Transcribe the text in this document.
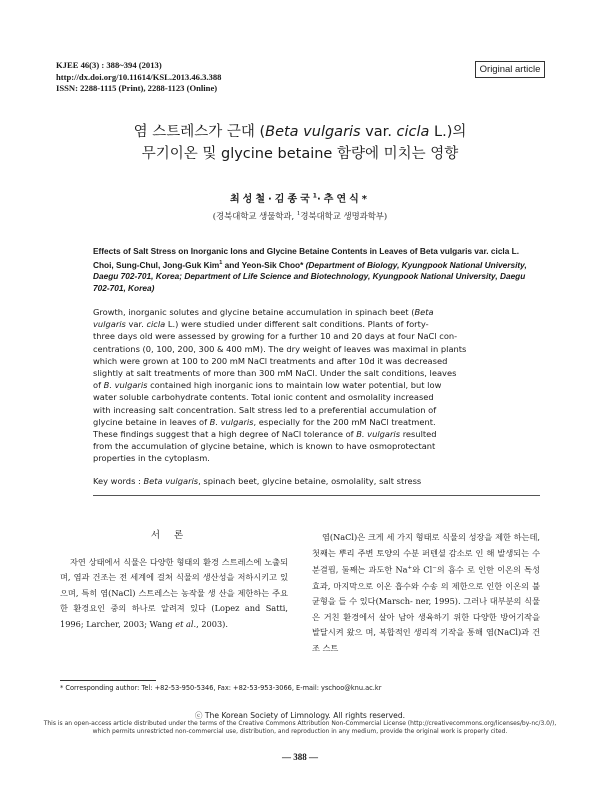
KJEE 46(3) : 388~394 (2013)
http://dx.doi.org/10.11614/KSL.2013.46.3.388
ISSN: 2288-1115 (Print), 2288-1123 (Online)
Original article
염 스트레스가 근대 (Beta vulgaris var. cicla L.)의
무기이온 및 glycine betaine 함량에 미치는 영향
최성철·김종국$^1$·추연식*
(경북대학교 생물학과, $^1$경북대학교 생명과학부)
Effects of Salt Stress on Inorganic Ions and Glycine Betaine Contents in Leaves of Beta vulgaris var. cicla L. Choi, Sung-Chul, Jong-Guk Kim$^1$ and Yeon-Sik Choo* (Department of Biology, Kyungpook National University, Daegu 702-701, Korea; Department of Life Science and Biotechnology, Kyungpook National University, Daegu 702-701, Korea)
Growth, inorganic solutes and glycine betaine accumulation in spinach beet (Beta
vulgaris var. cicla L.) were studied under different salt conditions. Plants of forty-
three days old were assessed by growing for a further 10 and 20 days at four NaCl con-
centrations (0, 100, 200, 300 & 400 mM). The dry weight of leaves was maximal in plants
which were grown at 100 to 200 mM NaCl treatments and after 10d it was decreased
slightly at salt treatments of more than 300 mM NaCl. Under the salt conditions, leaves
of B. vulgaris contained high inorganic ions to maintain low water potential, but low
water soluble carbohydrate contents. Total ionic content and osmolality increased
with increasing salt concentration. Salt stress led to a preferential accumulation of
glycine betaine in leaves of B. vulgaris, especially for the 200 mM NaCl treatment.
These findings suggest that a high degree of NaCl tolerance of B. vulgaris resulted
from the accumulation of glycine betaine, which is known to have osmoprotectant
properties in the cytoplasm.
Key words : Beta vulgaris, spinach beet, glycine betaine, osmolality, salt stress
서론
자연 상태에서 식물은 다양한 형태의 환경 스트레스에 노출되며, 염과 건조는 전 세계에 걸쳐 식물의 생산성을 저하시키고 있으며, 특히 염(NaCl) 스트레스는 농작물 생 산을 제한하는 주요한 환경요인 중의 하나로 알려져 있다 (Lopez and Satti, 1996; Larcher, 2003; Wang et al., 2003).
염(NaCl)은 크게 세 가지 형태로 식물의 성장을 제한 하는데, 첫째는 뿌리 주변 토양의 수분 퍼텐셜 감소로 인 해 발생되는 수분결핍, 둘째는 과도한 Na+와 Cl−의 흡수 로 인한 이온의 독성효과, 마지막으로 이온 흡수와 수송 의 제한으로 인한 이온의 불균형을 들 수 있다(Marsch- ner, 1995). 그러나 대부분의 식물은 거친 환경에서 살아 남아 생육하기 위한 다양한 방어기작을 발달시켜 왔으 며, 복합적인 생리적 기작을 통해 염(NaCl)과 건조 스트
* Corresponding author: Tel: +82-53-950-5346, Fax: +82-53-953-3066, E-mail: yschoo@knu.ac.kr
ⓒ The Korean Society of Limnology. All rights reserved.
This is an open-access article distributed under the terms of the Creative Commons Attribution Non-Commercial License (http://creativecommons.org/licenses/by-nc/3.0/),
which permits unrestricted non-commercial use, distribution, and reproduction in any medium, provide the original work is properly cited.
— 388 —
